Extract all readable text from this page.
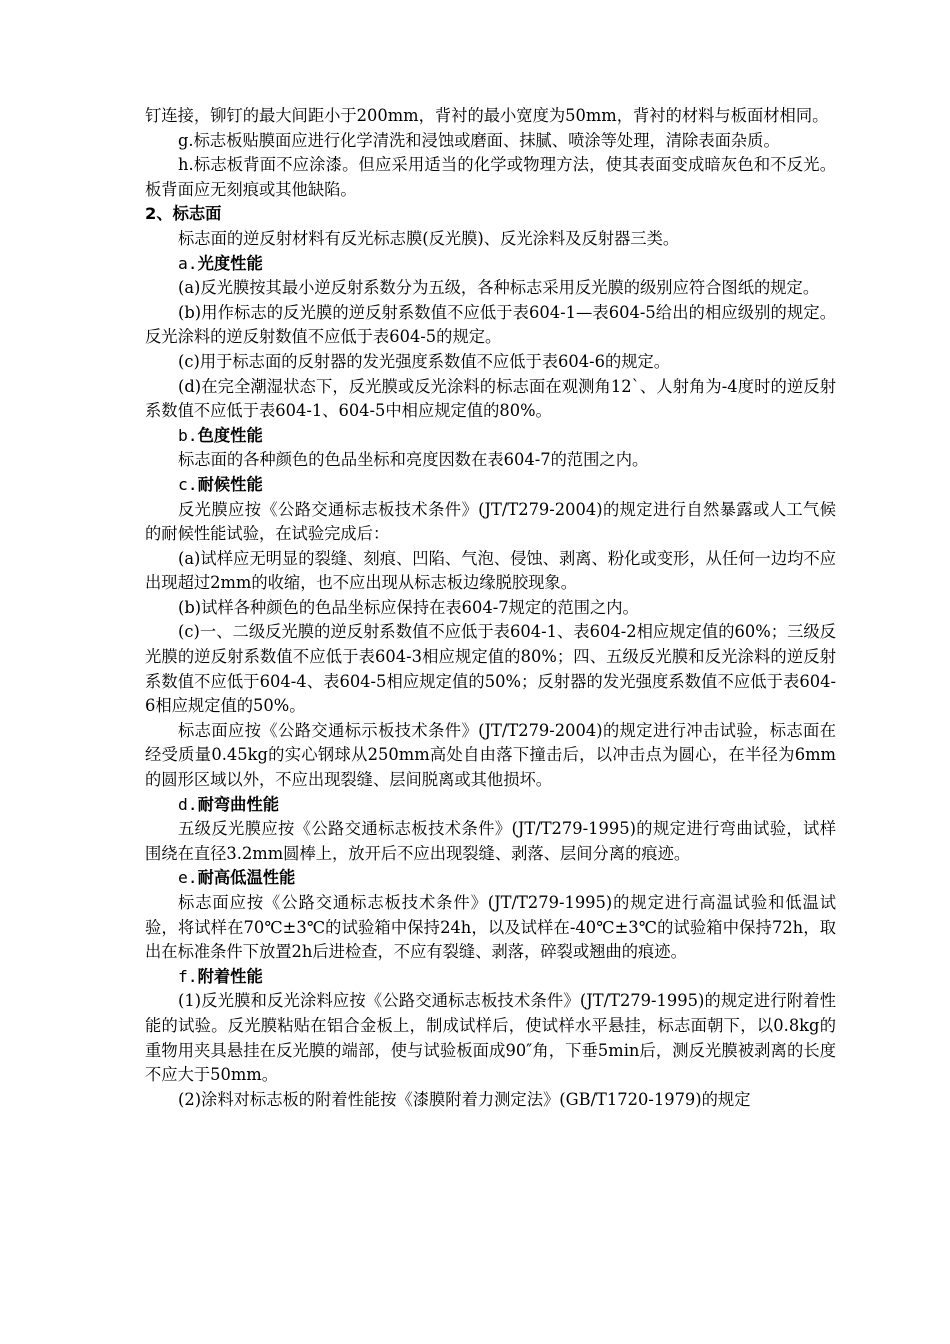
钉连接，铆钉的最大间距小于200mm，背衬的最小宽度为50mm，背衬的材料与板面材相同。

g.标志板贴膜面应进行化学清洗和浸蚀或磨面、抹腻、喷涂等处理，清除表面杂质。

h.标志板背面不应涂漆。但应采用适当的化学或物理方法，使其表面变成暗灰色和不反光。板背面应无刻痕或其他缺陷。

2、标志面

标志面的逆反射材料有反光标志膜(反光膜)、反光涂料及反射器三类。

a.光度性能

(a)反光膜按其最小逆反射系数分为五级，各种标志采用反光膜的级别应符合图纸的规定。

(b)用作标志的反光膜的逆反射系数值不应低于表604-1—表604-5给出的相应级别的规定。反光涂料的逆反射数值不应低于表604-5的规定。

(c)用于标志面的反射器的发光强度系数值不应低于表604-6的规定。

(d)在完全潮湿状态下，反光膜或反光涂料的标志面在观测角12`、人射角为-4度时的逆反射系数值不应低于表604-1、604-5中相应规定值的80%。

b.色度性能

标志面的各种颜色的色品坐标和亮度因数在表604-7的范围之内。

c.耐候性能

反光膜应按《公路交通标志板技术条件》(JT/T279-2004)的规定进行自然暴露或人工气候的耐候性能试验，在试验完成后：

(a)试样应无明显的裂缝、刻痕、凹陷、气泡、侵蚀、剥离、粉化或变形，从任何一边均不应出现超过2mm的收缩，也不应出现从标志板边缘脱胶现象。

(b)试样各种颜色的色品坐标应保持在表604-7规定的范围之内。

(c)一、二级反光膜的逆反射系数值不应低于表604-1、表604-2相应规定值的60%；三级反光膜的逆反射系数值不应低于表604-3相应规定值的80%；四、五级反光膜和反光涂料的逆反射系数值不应低于604-4、表604-5相应规定值的50%；反射器的发光强度系数值不应低于表604-6相应规定值的50%。

标志面应按《公路交通标示板技术条件》(JT/T279-2004)的规定进行冲击试验，标志面在经受质量0.45kg的实心钢球从250mm高处自由落下撞击后，以冲击点为圆心，在半径为6mm的圆形区域以外，不应出现裂缝、层间脱离或其他损坏。

d.耐弯曲性能

五级反光膜应按《公路交通标志板技术条件》(JT/T279-1995)的规定进行弯曲试验，试样围绕在直径3.2mm圆棒上，放开后不应出现裂缝、剥落、层间分离的痕迹。

e.耐高低温性能

标志面应按《公路交通标志板技术条件》(JT/T279-1995)的规定进行高温试验和低温试验，将试样在70℃±3℃的试验箱中保持24h，以及试样在-40℃±3℃的试验箱中保持72h，取出在标准条件下放置2h后进检查，不应有裂缝、剥落，碎裂或翘曲的痕迹。

f.附着性能

(1)反光膜和反光涂料应按《公路交通标志板技术条件》(JT/T279-1995)的规定进行附着性能的试验。反光膜粘贴在铝合金板上，制成试样后，使试样水平悬挂，标志面朝下，以0.8kg的重物用夹具悬挂在反光膜的端部，使与试验板面成90″角，下垂5min后，测反光膜被剥离的长度不应大于50mm。

(2)涂料对标志板的附着性能按《漆膜附着力测定法》(GB/T1720-1979)的规定
